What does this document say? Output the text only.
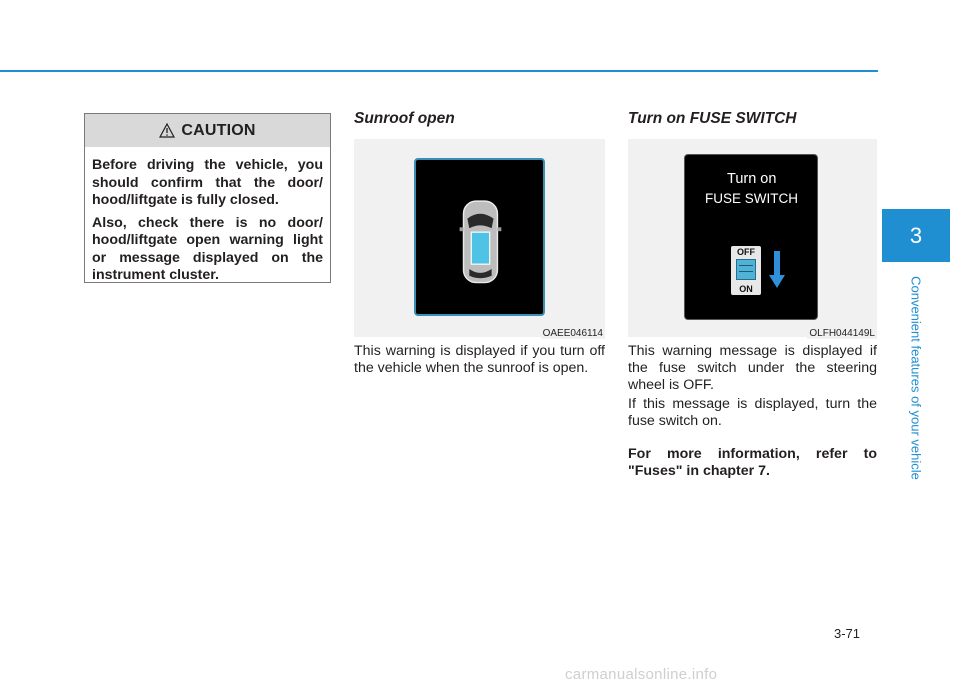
CAUTION

Before driving the vehicle, you should confirm that the door/ hood/liftgate is fully closed.

Also, check there is no door/ hood/liftgate open warning light or message displayed on the instrument cluster.

Sunroof open	Turn on FUSE SWITCH
OAEE046114
Turn on
FUSE SWITCH
OFF
ON
OLFH044149L

This warning is displayed if you turn off the vehicle when the sunroof is open.

This warning message is displayed if the fuse switch under the steering wheel is OFF.

If this message is displayed, turn the fuse switch on.

For more information, refer to "Fuses" in chapter 7.

3
Convenient features of your vehicle
3-71
carmanualsonline.info
